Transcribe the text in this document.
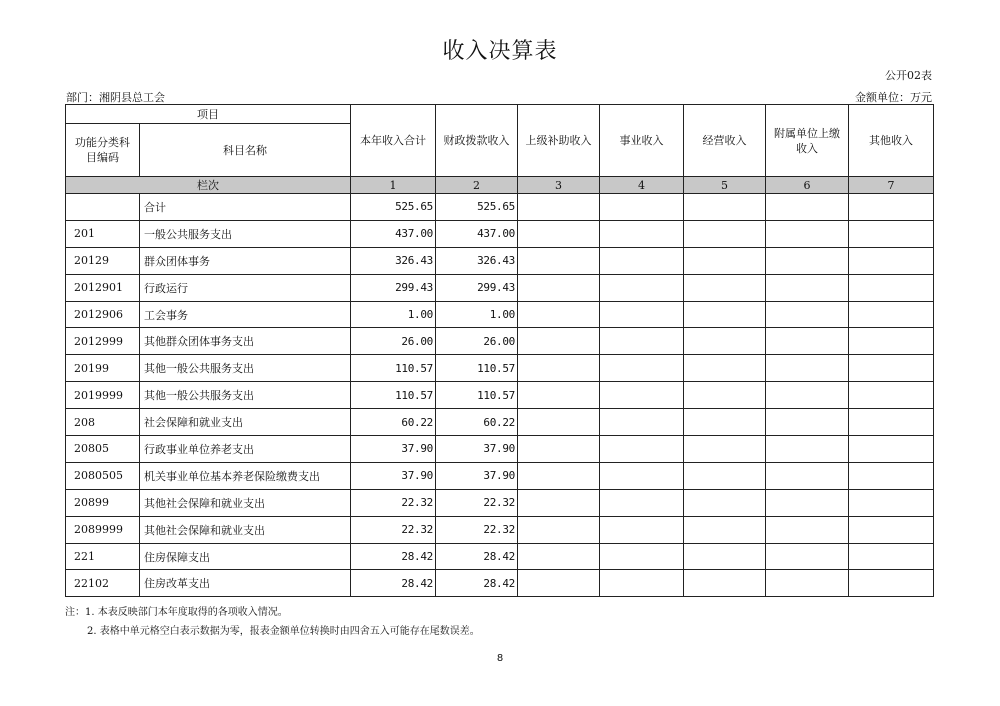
收入决算表
公开02表
部门：湘阴县总工会	金额单位：万元
项目		本年收入合计	财政拨款收入	上级补助收入	事业收入	经营收入	附属单位上缴收入	其他收入
功能分类科目编码	科目名称							
栏次		1	2	3	4	5	6	7
	合计	525.65	525.65					
201	一般公共服务支出	437.00	437.00					
20129	群众团体事务	326.43	326.43					
2012901	行政运行	299.43	299.43					
2012906	工会事务	1.00	1.00					
2012999	其他群众团体事务支出	26.00	26.00					
20199	其他一般公共服务支出	110.57	110.57					
2019999	其他一般公共服务支出	110.57	110.57					
208	社会保障和就业支出	60.22	60.22					
20805	行政事业单位养老支出	37.90	37.90					
2080505	机关事业单位基本养老保险缴费支出	37.90	37.90					
20899	其他社会保障和就业支出	22.32	22.32					
2089999	其他社会保障和就业支出	22.32	22.32					
221	住房保障支出	28.42	28.42					
22102	住房改革支出	28.42	28.42					
注：1. 本表反映部门本年度取得的各项收入情况。
2. 表格中单元格空白表示数据为零，报表金额单位转换时由四舍五入可能存在尾数误差。
8
